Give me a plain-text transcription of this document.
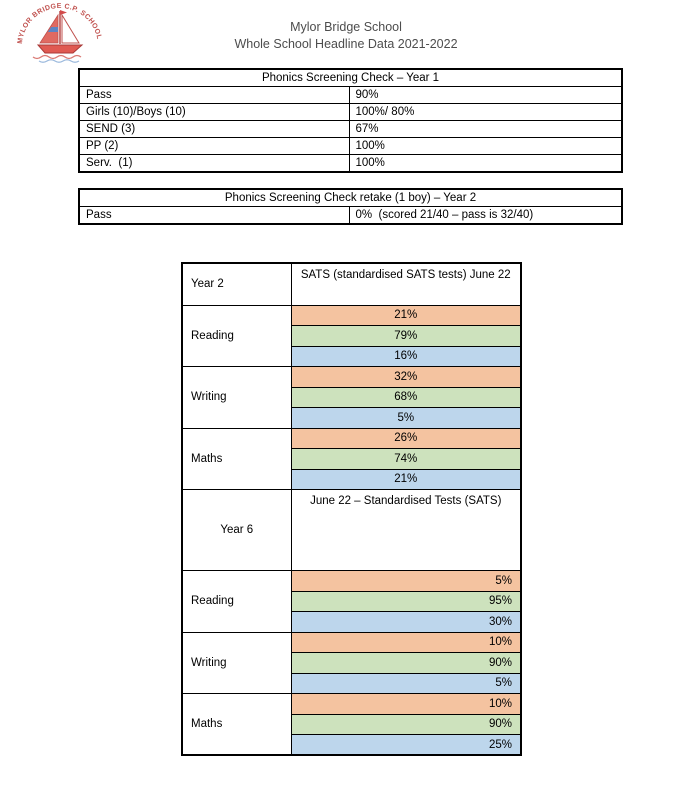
MYLOR BRIDGE C.P. SCHOOL
Mylor Bridge School
Whole School Headline Data 2021-2022
Phonics Screening Check – Year 1	
Pass	90%
Girls (10)/Boys (10)	100%/ 80%
SEND (3)	67%
PP (2)	100%
Serv.  (1)	100%
Phonics Screening Check retake (1 boy) – Year 2
Pass	0%  (scored 21/40 – pass is 32/40)
Year 2	SATS (standardised SATS tests) June 22
Reading	21%
	79%
	16%
Writing	32%
	68%
	5%
Maths	26%
	74%
	21%
Year 6	June 22 – Standardised Tests (SATS)
Reading	5%
	95%
	30%
Writing	10%
	90%
	5%
Maths	10%
	90%
	25%
